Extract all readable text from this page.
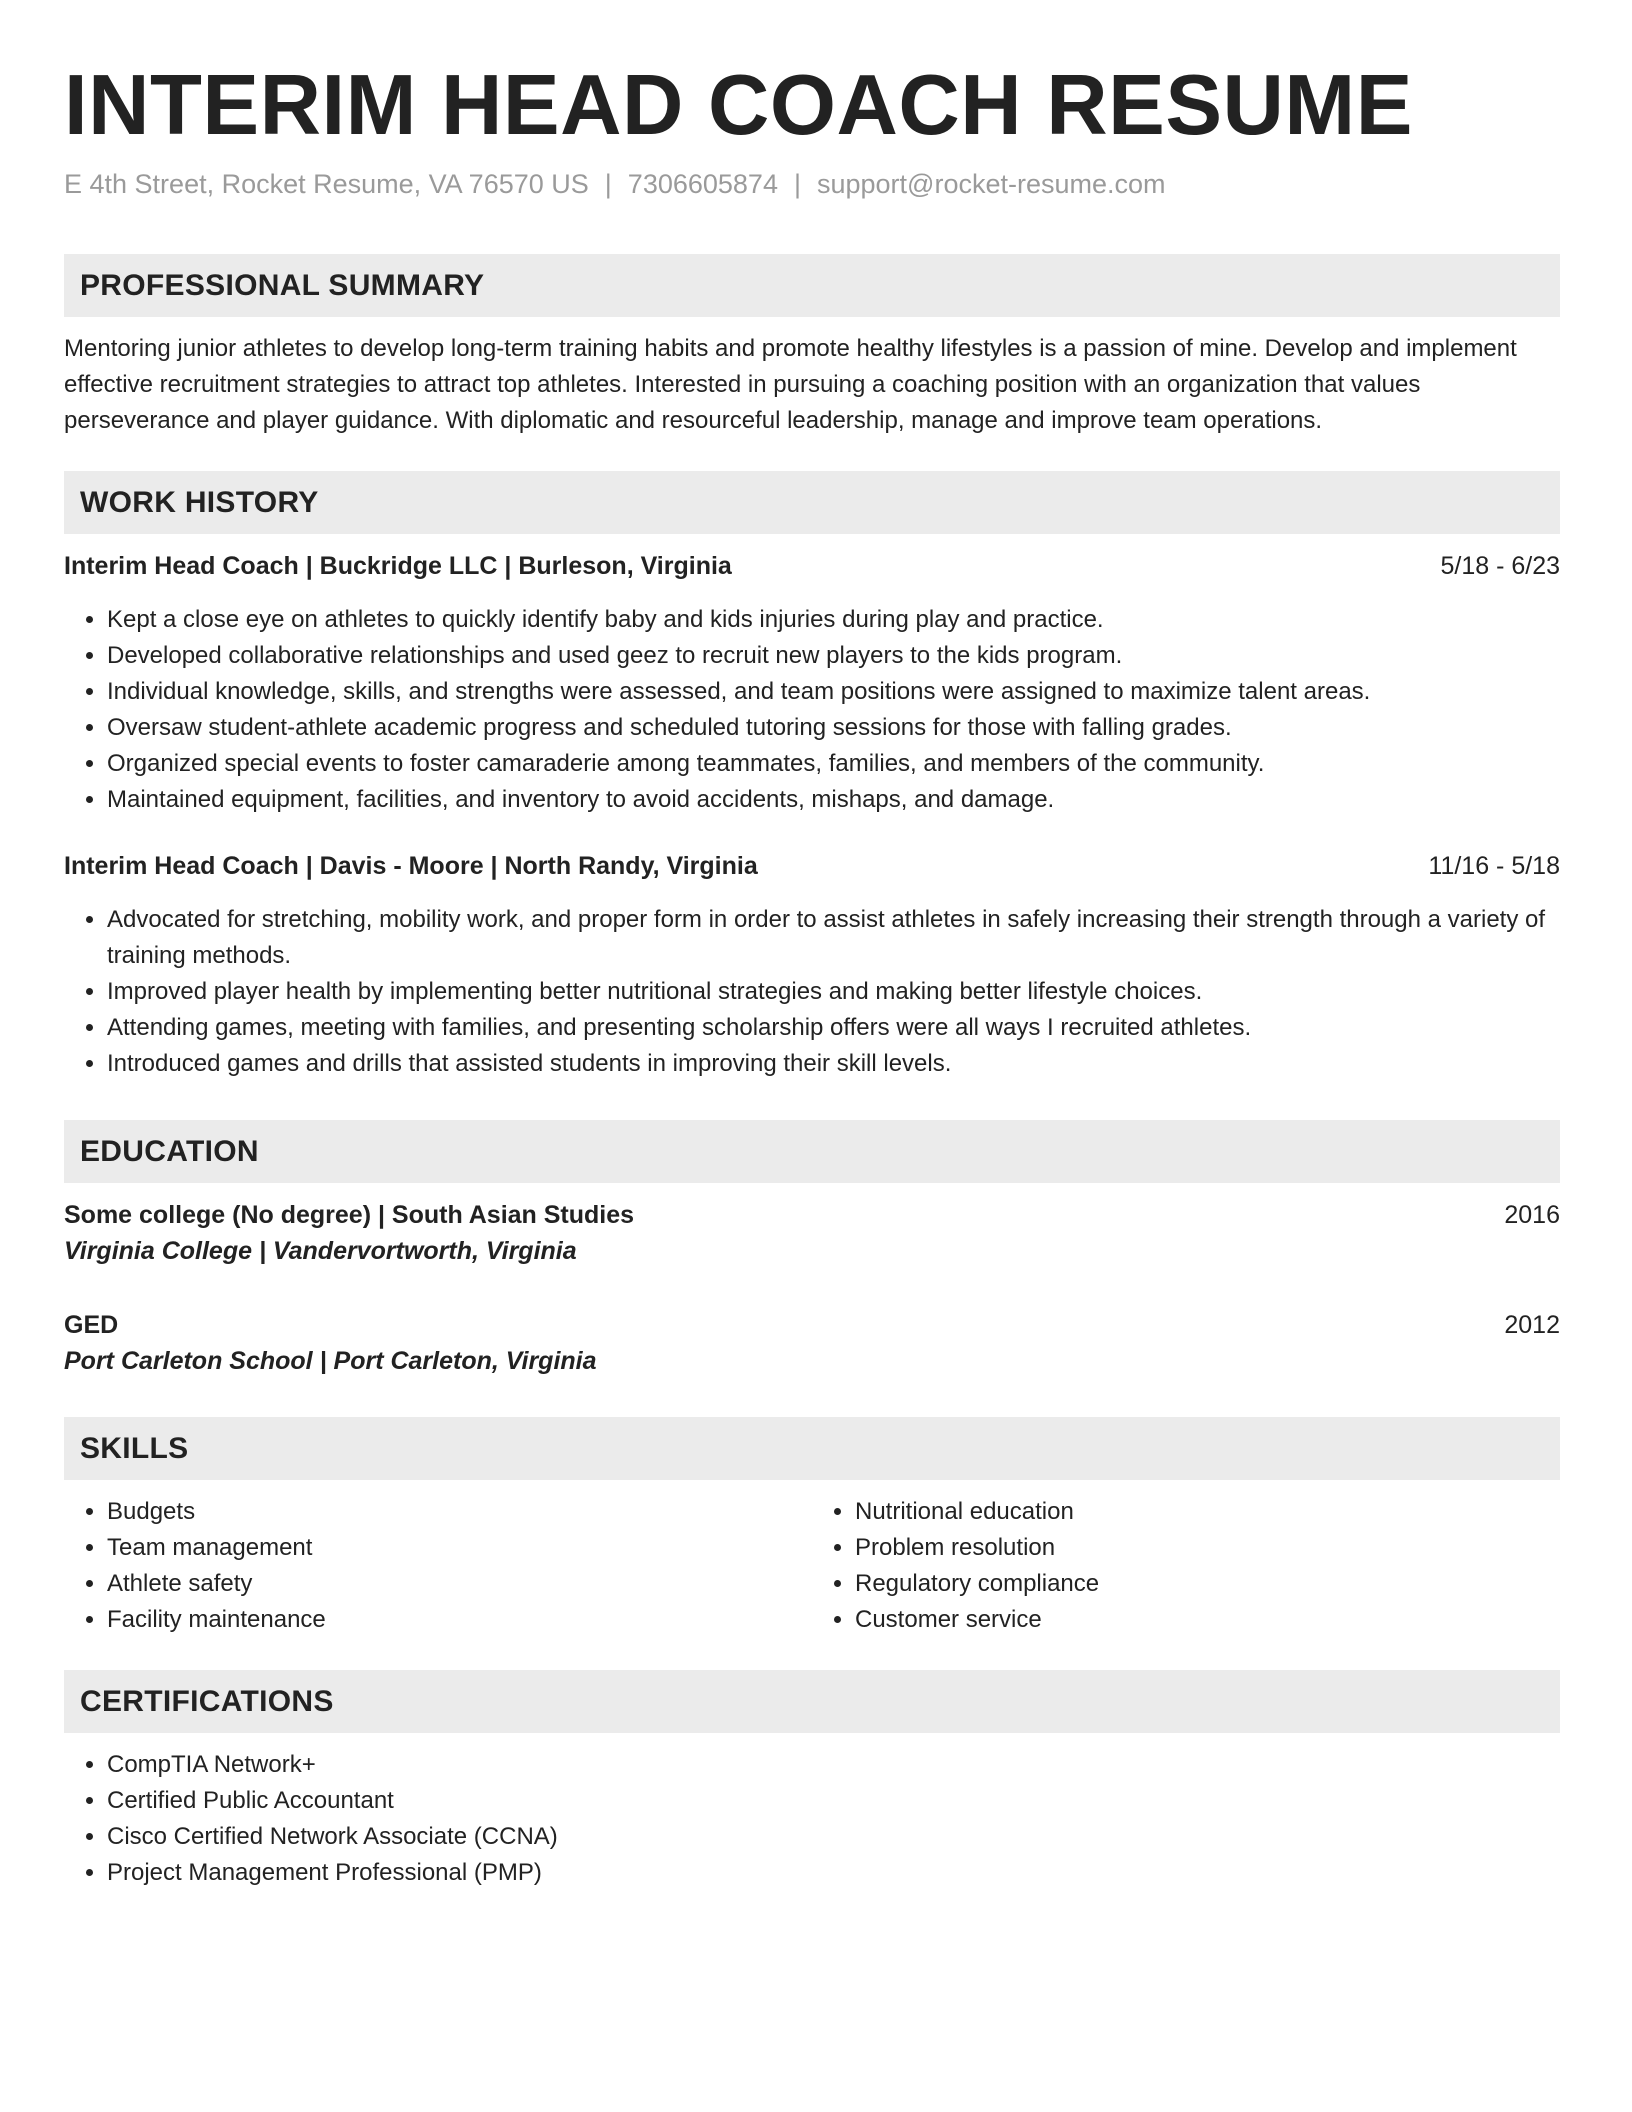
INTERIM HEAD COACH RESUME
E 4th Street, Rocket Resume, VA 76570 US | 7306605874 | support@rocket-resume.com
PROFESSIONAL SUMMARY

Mentoring junior athletes to develop long-term training habits and promote healthy lifestyles is a passion of mine. Develop and implement effective recruitment strategies to attract top athletes. Interested in pursuing a coaching position with an organization that values perseverance and player guidance. With diplomatic and resourceful leadership, manage and improve team operations.

WORK HISTORY
Interim Head Coach | Buckridge LLC | Burleson, Virginia	5/18 - 6/23
• Kept a close eye on athletes to quickly identify baby and kids injuries during play and practice.
• Developed collaborative relationships and used geez to recruit new players to the kids program.
• Individual knowledge, skills, and strengths were assessed, and team positions were assigned to maximize talent areas.
• Oversaw student-athlete academic progress and scheduled tutoring sessions for those with falling grades.
• Organized special events to foster camaraderie among teammates, families, and members of the community.
• Maintained equipment, facilities, and inventory to avoid accidents, mishaps, and damage.
Interim Head Coach | Davis - Moore | North Randy, Virginia	11/16 - 5/18
• Advocated for stretching, mobility work, and proper form in order to assist athletes in safely increasing their strength through a variety of training methods.
• Improved player health by implementing better nutritional strategies and making better lifestyle choices.
• Attending games, meeting with families, and presenting scholarship offers were all ways I recruited athletes.
• Introduced games and drills that assisted students in improving their skill levels.
EDUCATION
Some college (No degree) | South Asian Studies	2016
Virginia College | Vandervortworth, Virginia
GED	2012
Port Carleton School | Port Carleton, Virginia
SKILLS
• Budgets
• Team management
• Athlete safety
• Facility maintenance
• Nutritional education
• Problem resolution
• Regulatory compliance
• Customer service
CERTIFICATIONS
• CompTIA Network+
• Certified Public Accountant
• Cisco Certified Network Associate (CCNA)
• Project Management Professional (PMP)
